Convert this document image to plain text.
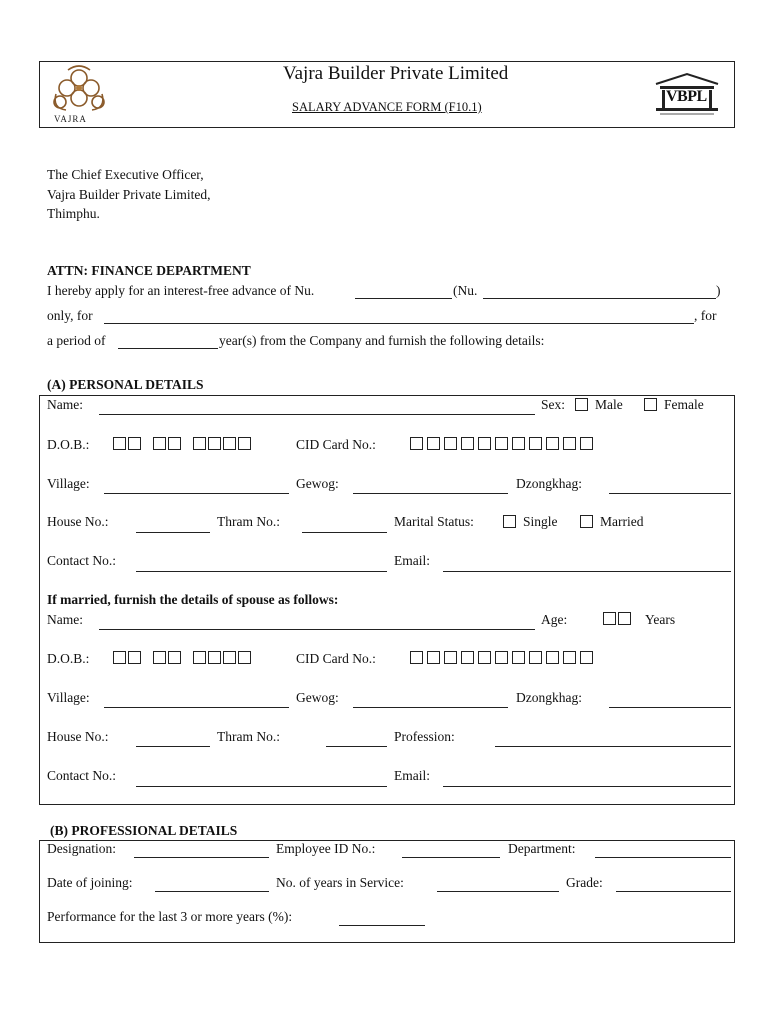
VAJRA
Vajra Builder Private Limited
SALARY ADVANCE FORM (F10.1)
VBPL
The Chief Executive Officer,
Vajra Builder Private Limited,
Thimphu.
ATTN: FINANCE DEPARTMENT
I hereby apply for an interest-free advance of Nu.	(Nu.	)
only, for	, for
a period of	year(s) from the Company and furnish the following details:
(A) PERSONAL DETAILS
Name:	Sex: Male	Female
D.O.B.:	CID Card No.:
Village:	Gewog:	Dzongkhag:
House No.:	Thram No.:	Marital Status:	Single	Married
Contact No.:	Email:
If married, furnish the details of spouse as follows:
Name:	Age:	Years
D.O.B.:	CID Card No.:
Village:	Gewog:	Dzongkhag:
House No.:	Thram No.:	Profession:
Contact No.:	Email:
(B) PROFESSIONAL DETAILS
Designation:	Employee ID No.:	Department:
Date of joining:	No. of years in Service:	Grade:
Performance for the last 3 or more years (%):
